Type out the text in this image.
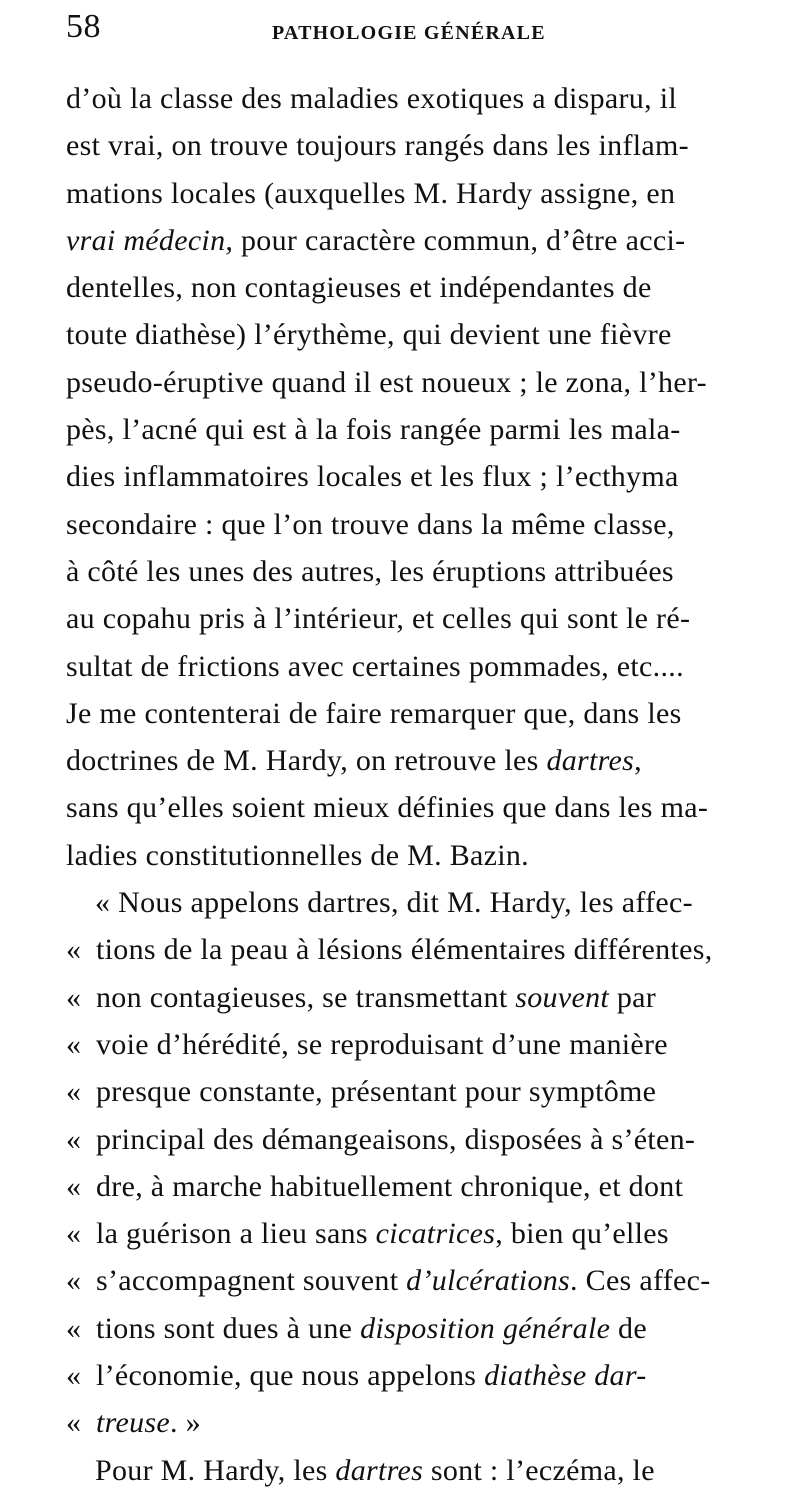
58	PATHOLOGIE GÉNÉRALE
d’où la classe des maladies exotiques a disparu, il
est vrai, on trouve toujours rangés dans les inflam-
mations locales (auxquelles M. Hardy assigne, en
vrai médecin, pour caractère commun, d’être acci-
dentelles, non contagieuses et indépendantes de
toute diathèse) l’érythème, qui devient une fièvre
pseudo-éruptive quand il est noueux ; le zona, l’her-
pès, l’acné qui est à la fois rangée parmi les mala-
dies inflammatoires locales et les flux ; l’ecthyma
secondaire : que l’on trouve dans la même classe,
à côté les unes des autres, les éruptions attribuées
au copahu pris à l’intérieur, et celles qui sont le ré-
sultat de frictions avec certaines pommades, etc....
Je me contenterai de faire remarquer que, dans les
doctrines de M. Hardy, on retrouve les dartres,
sans qu’elles soient mieux définies que dans les ma-
ladies constitutionnelles de M. Bazin.
« Nous appelons dartres, dit M. Hardy, les affec-
« tions de la peau à lésions élémentaires différentes,
« non contagieuses, se transmettant souvent par
« voie d’hérédité, se reproduisant d’une manière
« presque constante, présentant pour symptôme
« principal des démangeaisons, disposées à s’éten-
« dre, à marche habituellement chronique, et dont
« la guérison a lieu sans cicatrices, bien qu’elles
« s’accompagnent souvent d’ulcérations. Ces affec-
« tions sont dues à une disposition générale de
« l’économie, que nous appelons diathèse dar-
« treuse. »
Pour M. Hardy, les dartres sont : l’eczéma, le
